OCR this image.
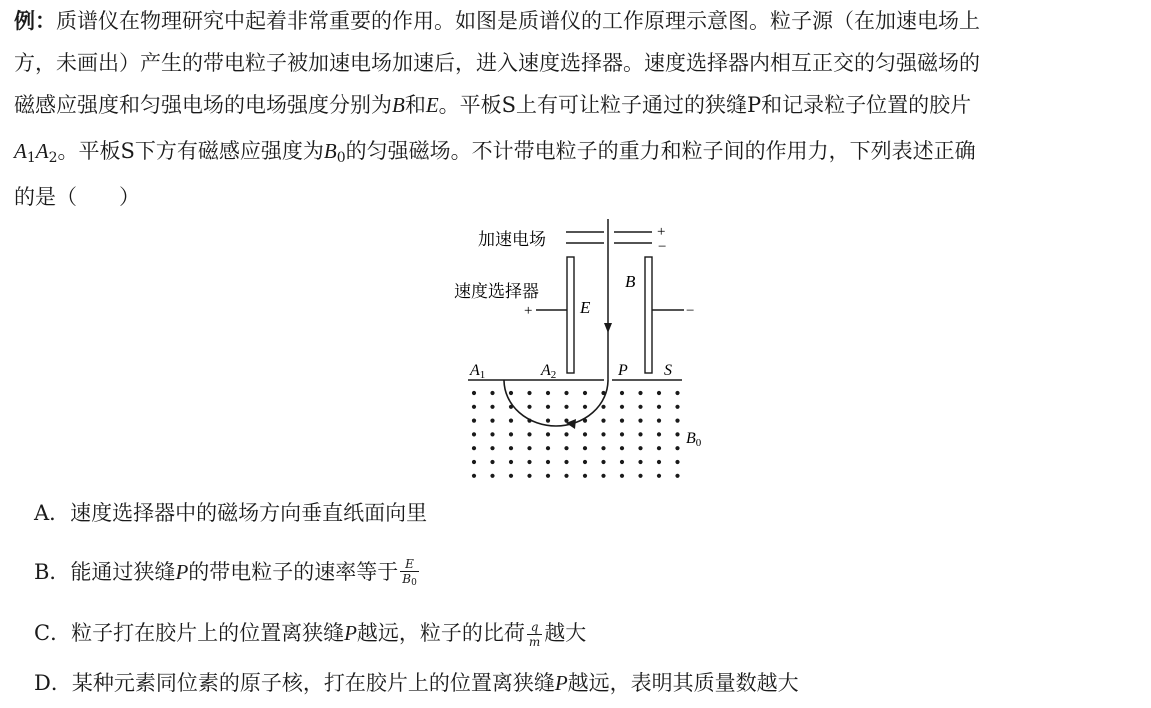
例：质谱仪在物理研究中起着非常重要的作用。如图是质谱仪的工作原理示意图。粒子源（在加速电场上
方，未画出）产生的带电粒子被加速电场加速后，进入速度选择器。速度选择器内相互正交的匀强磁场的
磁感应强度和匀强电场的电场强度分别为B和E。平板S上有可让粒子通过的狭缝P和记录粒子位置的胶片
$A_1A_2$。平板S下方有磁感应强度为$B_0$的匀强磁场。不计带电粒子的重力和粒子间的作用力，下列表述正确
的是（　　）
加速电场	+
−
+	−
速度选择器
E
B
A1	A2	P S
B0
A．速度选择器中的磁场方向垂直纸面向里
B．能通过狭缝P的带电粒子的速率等于 $\frac{E}{B0}$
C．粒子打在胶片上的位置离狭缝P越远，粒子的比荷 $\frac{q}{m}$ 越大
D．某种元素同位素的原子核，打在胶片上的位置离狭缝P越远，表明其质量数越大
